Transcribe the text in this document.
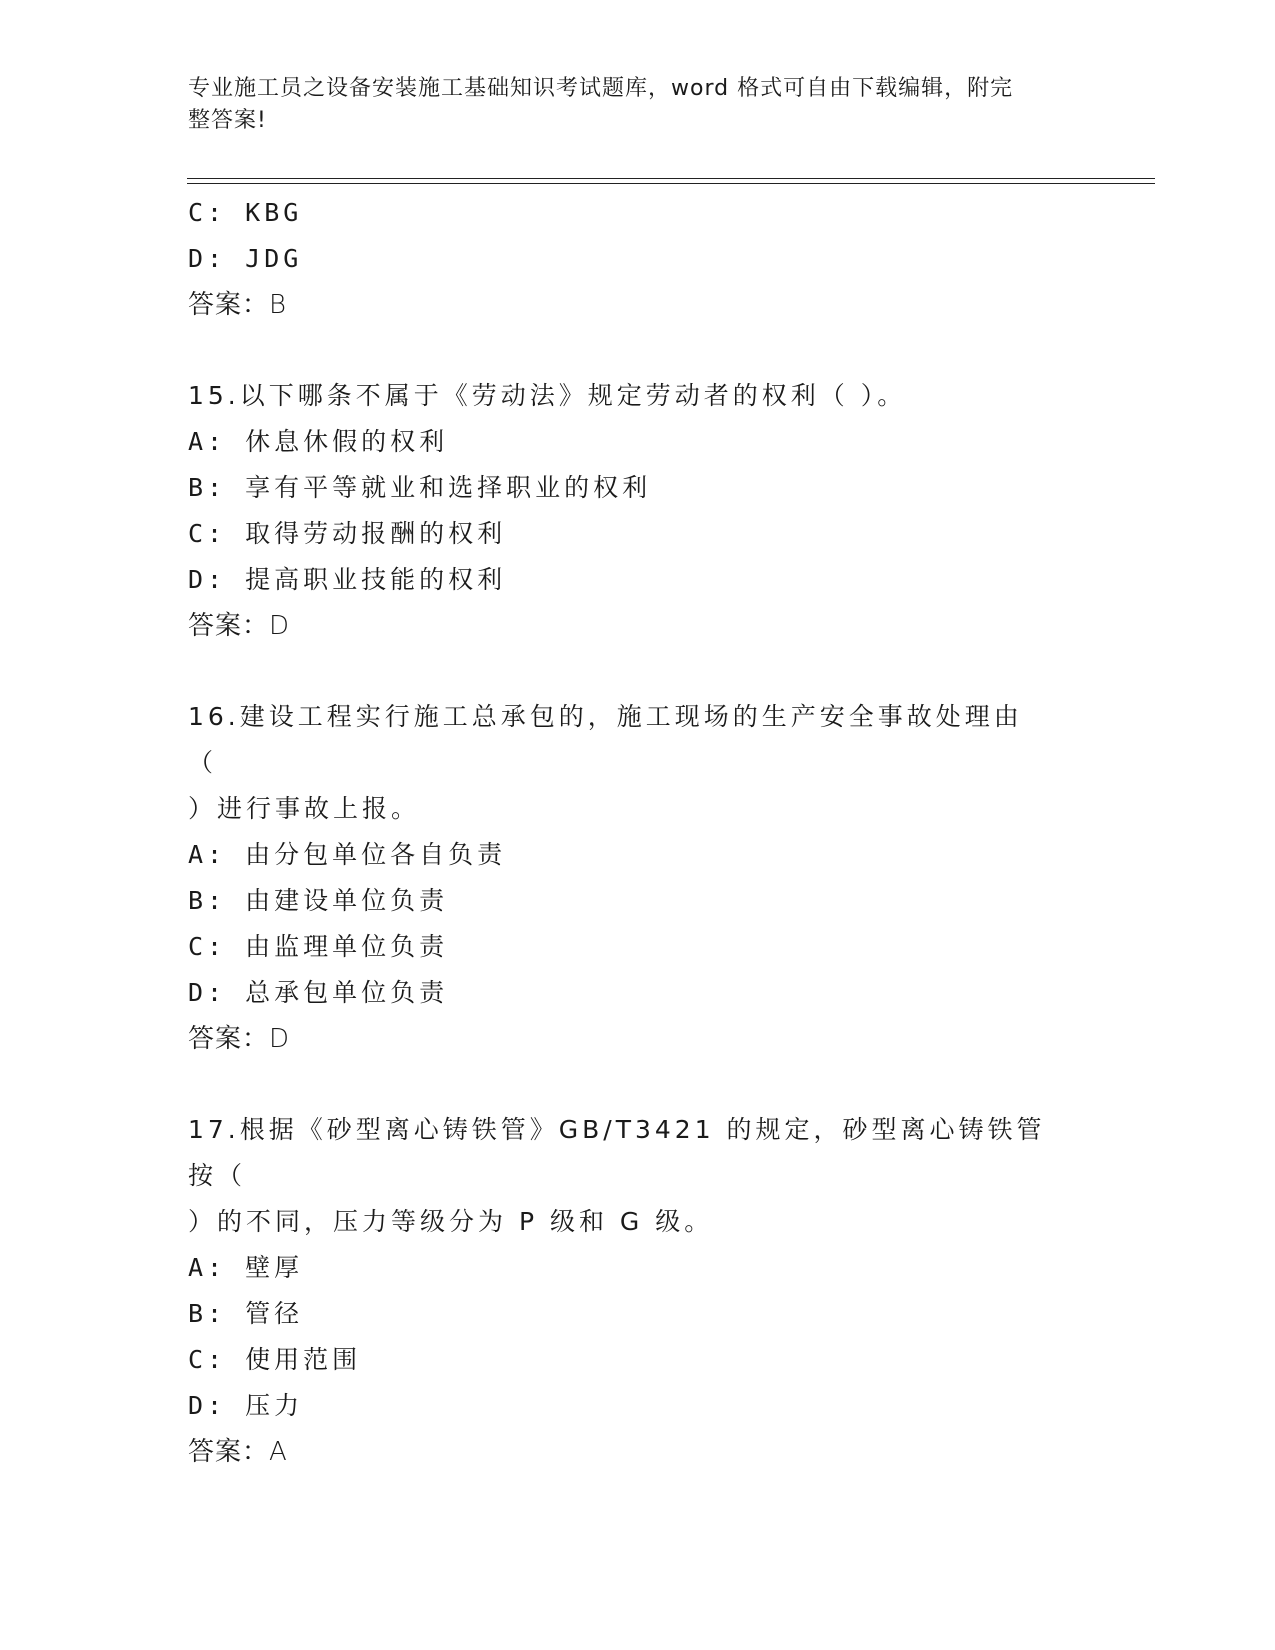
专业施工员之设备安装施工基础知识考试题库，word 格式可自由下载编辑，附完
整答案!
C: KBG
D: JDG
答案：B
15.以下哪条不属于《劳动法》规定劳动者的权利（ ）。
A: 休息休假的权利
B: 享有平等就业和选择职业的权利
C: 取得劳动报酬的权利
D: 提高职业技能的权利
答案：D
16.建设工程实行施工总承包的，施工现场的生产安全事故处理由（
）进行事故上报。
A: 由分包单位各自负责
B: 由建设单位负责
C: 由监理单位负责
D: 总承包单位负责
答案：D
17.根据《砂型离心铸铁管》GB/T3421 的规定，砂型离心铸铁管按（
）的不同，压力等级分为 P 级和 G 级。
A: 壁厚
B: 管径
C: 使用范围
D: 压力
答案：A
